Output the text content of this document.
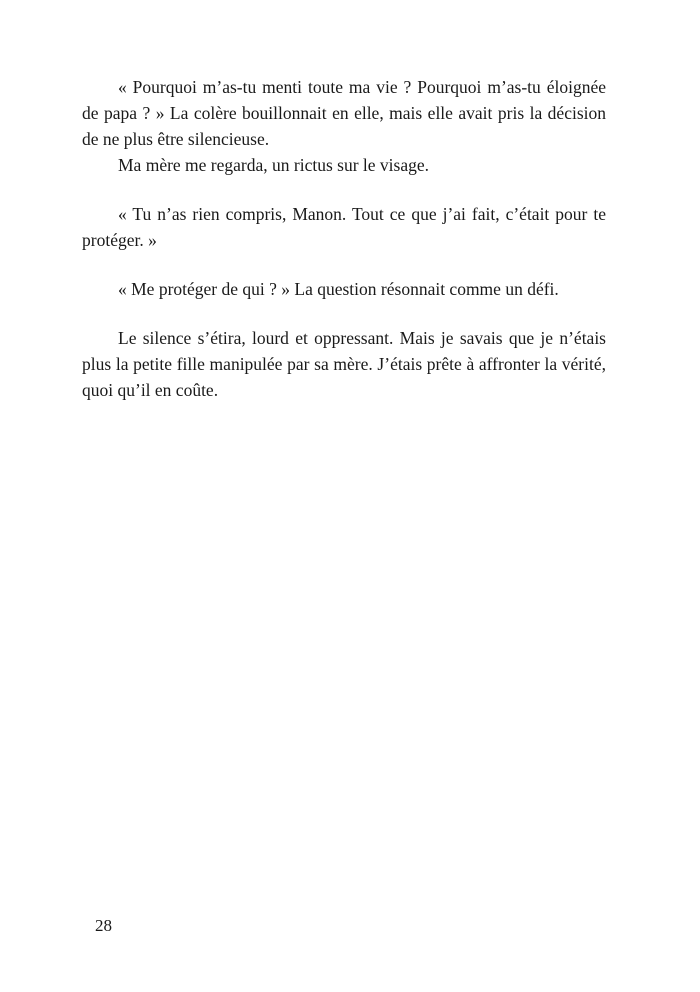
« Pourquoi m’as-tu menti toute ma vie ? Pourquoi m’as-tu éloignée de papa ? » La colère bouillonnait en elle, mais elle avait pris la décision de ne plus être silencieuse.

Ma mère me regarda, un rictus sur le visage.

« Tu n’as rien compris, Manon. Tout ce que j’ai fait, c’était pour te protéger. »

« Me protéger de qui ? » La question résonnait comme un défi.

Le silence s’étira, lourd et oppressant. Mais je savais que je n’étais plus la petite fille manipulée par sa mère. J’étais prête à affronter la vérité, quoi qu’il en coûte.

28
